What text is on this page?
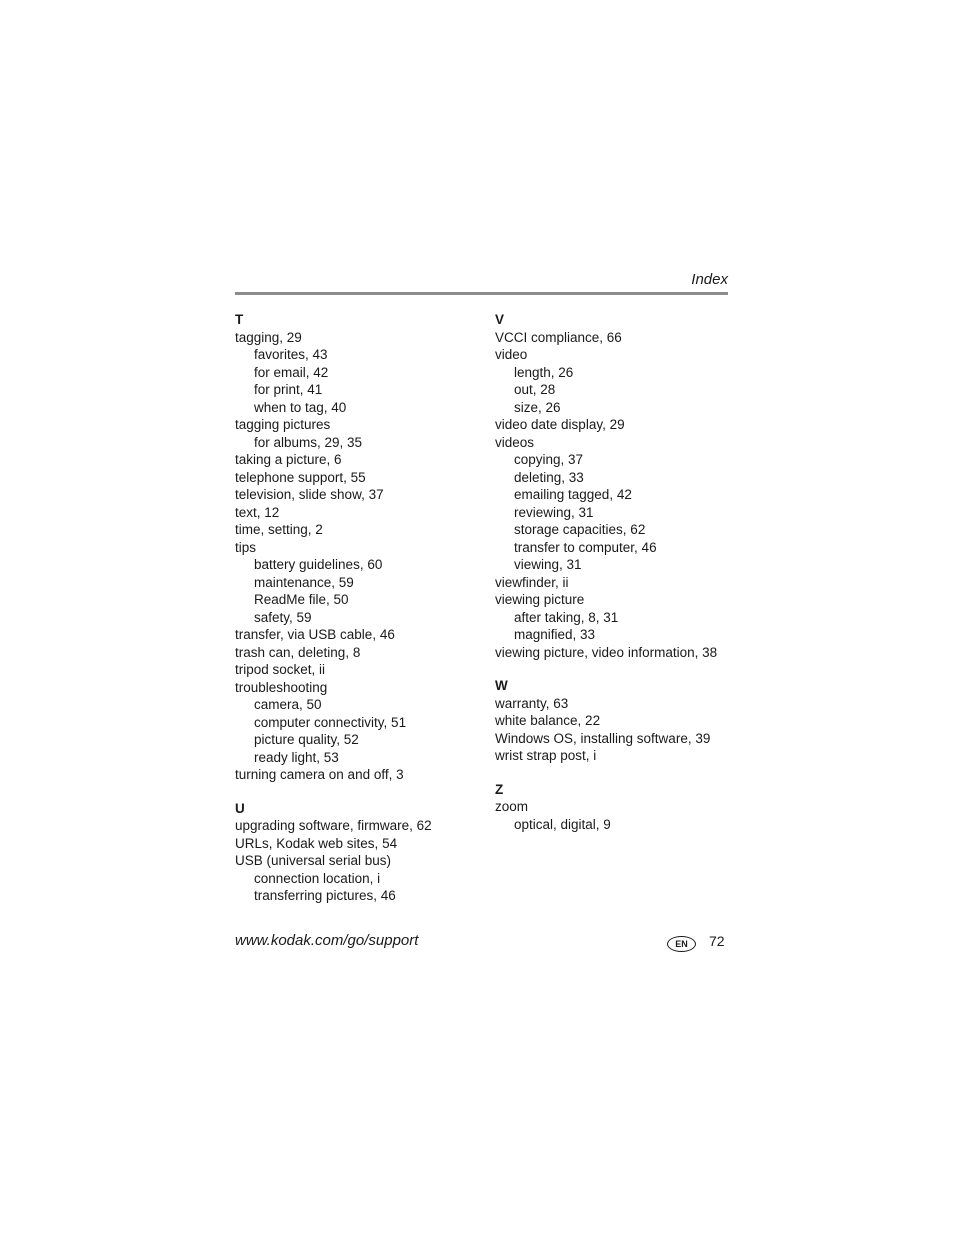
Index
T
tagging, 29
favorites, 43
for email, 42
for print, 41
when to tag, 40
tagging pictures
for albums, 29, 35
taking a picture, 6
telephone support, 55
television, slide show, 37
text, 12
time, setting, 2
tips
battery guidelines, 60
maintenance, 59
ReadMe file, 50
safety, 59
transfer, via USB cable, 46
trash can, deleting, 8
tripod socket, ii
troubleshooting
camera, 50
computer connectivity, 51
picture quality, 52
ready light, 53
turning camera on and off, 3
U
upgrading software, firmware, 62
URLs, Kodak web sites, 54
USB (universal serial bus)
connection location, i
transferring pictures, 46
V
VCCI compliance, 66
video
length, 26
out, 28
size, 26
video date display, 29
videos
copying, 37
deleting, 33
emailing tagged, 42
reviewing, 31
storage capacities, 62
transfer to computer, 46
viewing, 31
viewfinder, ii
viewing picture
after taking, 8, 31
magnified, 33
viewing picture, video information, 38
W
warranty, 63
white balance, 22
Windows OS, installing software, 39
wrist strap post, i
Z
zoom
optical, digital, 9
www.kodak.com/go/support	EN	72
